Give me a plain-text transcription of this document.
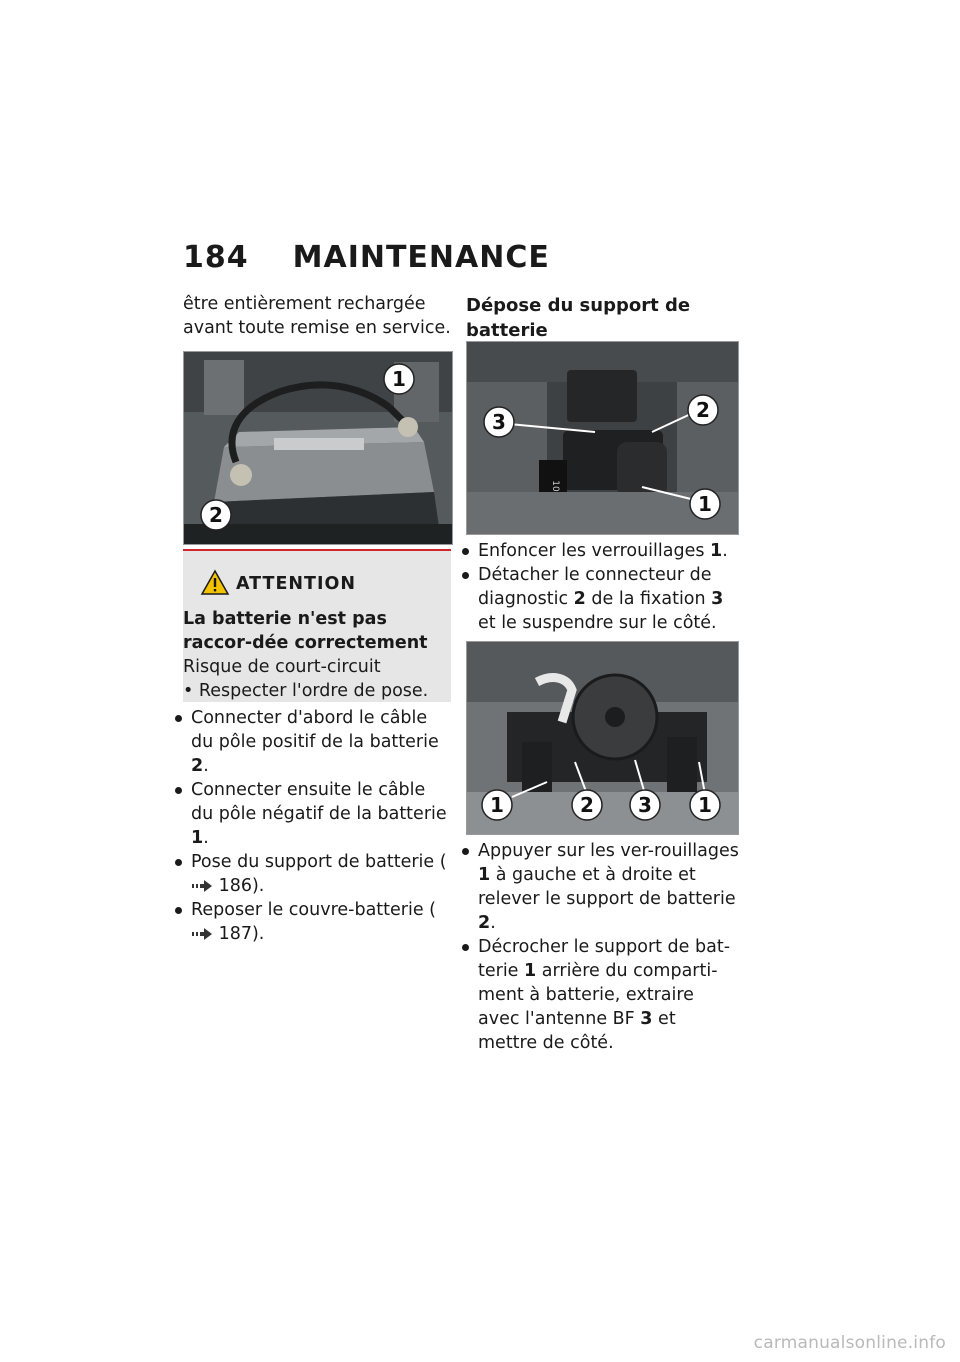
184 MAINTENANCE
être entièrement rechargée avant toute remise en service.
1
2
ATTENTION
La batterie n'est pas raccor-dée correctement
Risque de court-circuit
• Respecter l'ordre de pose.
Connecter d'abord le câble du pôle positif de la batterie 2.
Connecter ensuite le câble du pôle négatif de la batterie 1.
Pose du support de batterie ( 186).
Reposer le couvre-batterie ( 187).
Dépose du support de batterie
10
3	2
1
Enfoncer les verrouillages 1.
Détacher le connecteur de diagnostic 2 de la fixation 3 et le suspendre sur le côté.
1	2 3 1
Appuyer sur les ver-rouillages 1 à gauche et à droite et relever le support de batterie 2.
Décrocher le support de bat-terie 1 arrière du comparti-ment à batterie, extraire avec l'antenne BF 3 et mettre de côté.
carmanualsonline.info
